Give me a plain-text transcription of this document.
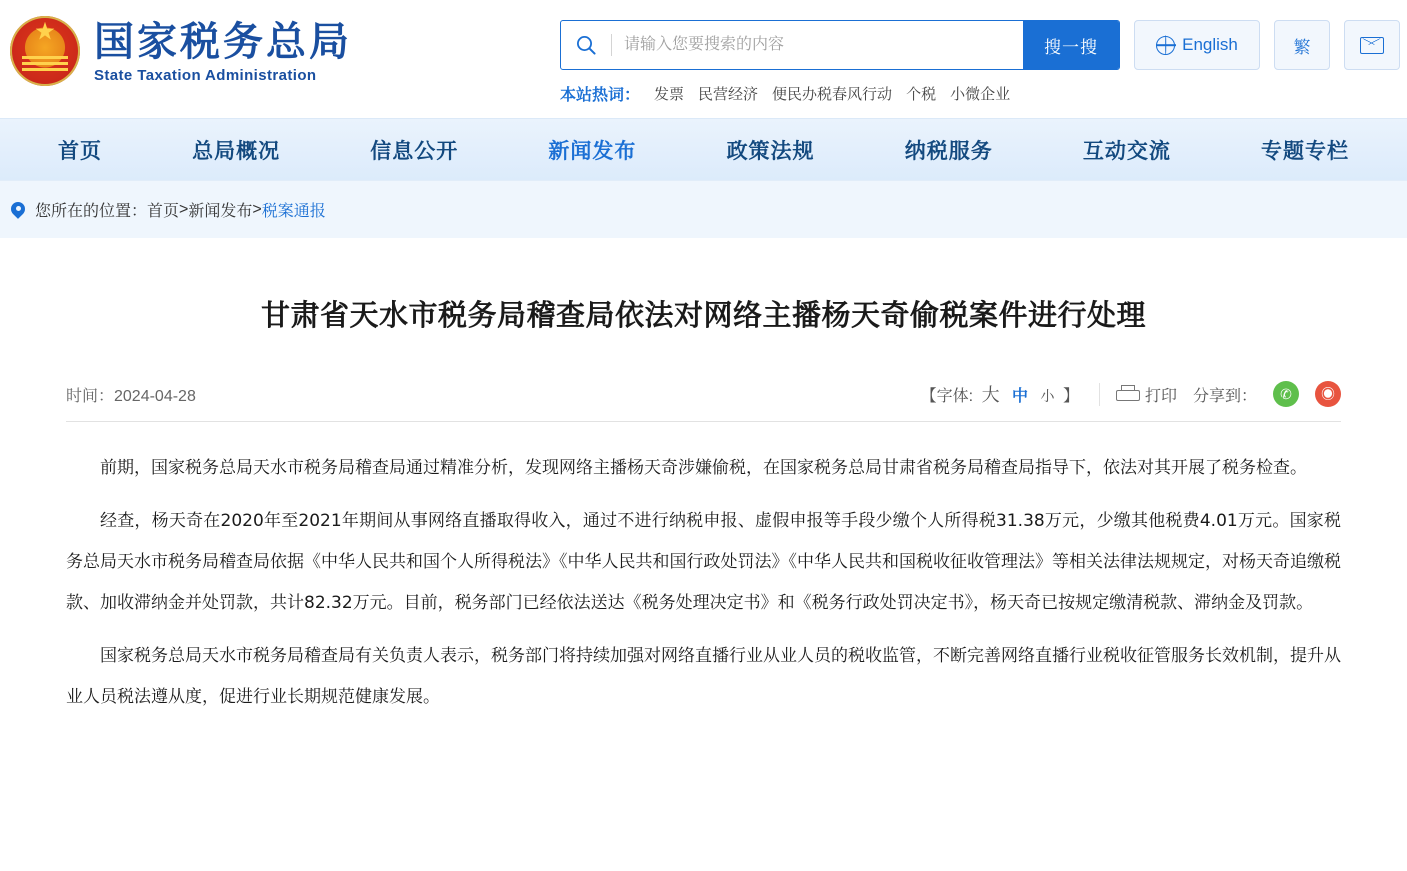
★
国家税务总局
State Taxation Administration
请输入您要搜索的内容
搜一搜	English	繁
本站热词： 发票 民营经济 便民办税春风行动 个税 小微企业
首页	总局概况	信息公开	新闻发布	政策法规	纳税服务	互动交流	专题专栏
您所在的位置： 首页 > 新闻发布 > 税案通报
甘肃省天水市税务局稽查局依法对网络主播杨天奇偷税案件进行处理
时间：2024-04-28	【字体: 大 中 小 】	打印 分享到：	✆	◉

前期，国家税务总局天水市税务局稽查局通过精准分析，发现网络主播杨天奇涉嫌偷税，在国家税务总局甘肃省税务局稽查局指导下，依法对其开展了税务检查。

经查，杨天奇在2020年至2021年期间从事网络直播取得收入，通过不进行纳税申报、虚假申报等手段少缴个人所得税31.38万元，少缴其他税费4.01万元。国家税务总局天水市税务局稽查局依据《中华人民共和国个人所得税法》《中华人民共和国行政处罚法》《中华人民共和国税收征收管理法》等相关法律法规规定，对杨天奇追缴税款、加收滞纳金并处罚款，共计82.32万元。目前，税务部门已经依法送达《税务处理决定书》和《税务行政处罚决定书》，杨天奇已按规定缴清税款、滞纳金及罚款。

国家税务总局天水市税务局稽查局有关负责人表示，税务部门将持续加强对网络直播行业从业人员的税收监管，不断完善网络直播行业税收征管服务长效机制，提升从业人员税法遵从度，促进行业长期规范健康发展。
